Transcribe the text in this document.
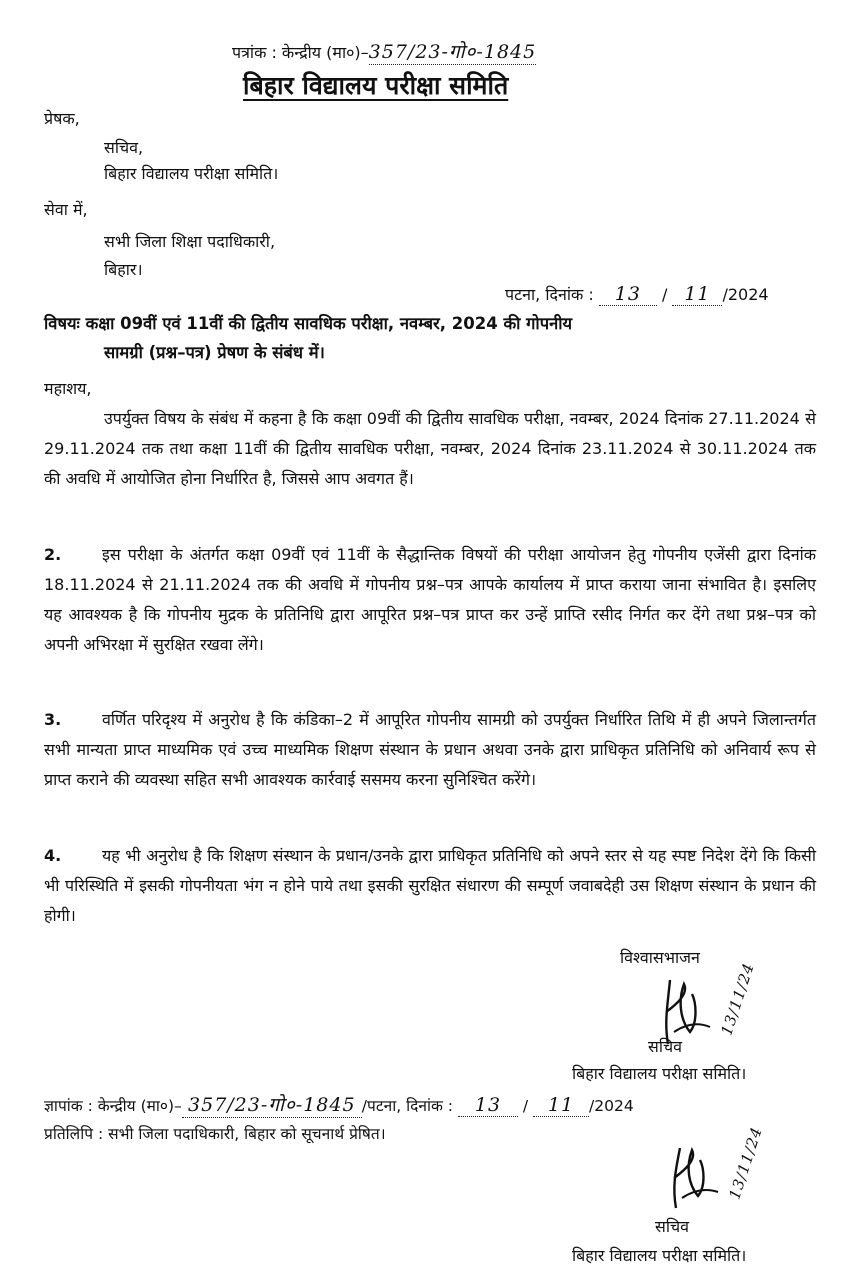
पत्रांक : केन्द्रीय (मा०)–357/23-गो०-1845
बिहार विद्यालय परीक्षा समिति
प्रेषक,
सचिव,
बिहार विद्यालय परीक्षा समिति।
सेवा में,
सभी जिला शिक्षा पदाधिकारी,
बिहार।
पटना, दिनांक : 13 / 11 /2024
विषयः कक्षा 09वीं एवं 11वीं की द्वितीय सावधिक परीक्षा, नवम्बर, 2024 की गोपनीय
सामग्री (प्रश्न–पत्र) प्रेषण के संबंध में।
महाशय,
उपर्युक्त विषय के संबंध में कहना है कि कक्षा 09वीं की द्वितीय सावधिक परीक्षा, नवम्बर, 2024 दिनांक 27.11.2024 से 29.11.2024 तक तथा कक्षा 11वीं की द्वितीय सावधिक परीक्षा, नवम्बर, 2024 दिनांक 23.11.2024 से 30.11.2024 तक की अवधि में आयोजित होना निर्धारित है, जिससे आप अवगत हैं।
2.	इस परीक्षा के अंतर्गत कक्षा 09वीं एवं 11वीं के सैद्धान्तिक विषयों की परीक्षा आयोजन हेतु गोपनीय एजेंसी द्वारा दिनांक 18.11.2024 से 21.11.2024 तक की अवधि में गोपनीय प्रश्न–पत्र आपके कार्यालय में प्राप्त कराया जाना संभावित है। इसलिए यह आवश्यक है कि गोपनीय मुद्रक के प्रतिनिधि द्वारा आपूरित प्रश्न–पत्र प्राप्त कर उन्हें प्राप्ति रसीद निर्गत कर देंगे तथा प्रश्न–पत्र को अपनी अभिरक्षा में सुरक्षित रखवा लेंगे।
3.	वर्णित परिदृश्य में अनुरोध है कि कंडिका–2 में आपूरित गोपनीय सामग्री को उपर्युक्त निर्धारित तिथि में ही अपने जिलान्तर्गत सभी मान्यता प्राप्त माध्यमिक एवं उच्च माध्यमिक शिक्षण संस्थान के प्रधान अथवा उनके द्वारा प्राधिकृत प्रतिनिधि को अनिवार्य रूप से प्राप्त कराने की व्यवस्था सहित सभी आवश्यक कार्रवाई ससमय करना सुनिश्चित करेंगे।
4.	यह भी अनुरोध है कि शिक्षण संस्थान के प्रधान/उनके द्वारा प्राधिकृत प्रतिनिधि को अपने स्तर से यह स्पष्ट निदेश देंगे कि किसी भी परिस्थिति में इसकी गोपनीयता भंग न होने पाये तथा इसकी सुरक्षित संधारण की सम्पूर्ण जवाबदेही उस शिक्षण संस्थान के प्रधान की होगी।
विश्वासभाजन
13/11/24
सचिव
बिहार विद्यालय परीक्षा समिति।
ज्ञापांक : केन्द्रीय (मा०)– 357/23-गो०-1845 /पटना, दिनांक : 13 / 11 /2024
प्रतिलिपि : सभी जिला पदाधिकारी, बिहार को सूचनार्थ प्रेषित।	13/11/24
सचिव
बिहार विद्यालय परीक्षा समिति।
